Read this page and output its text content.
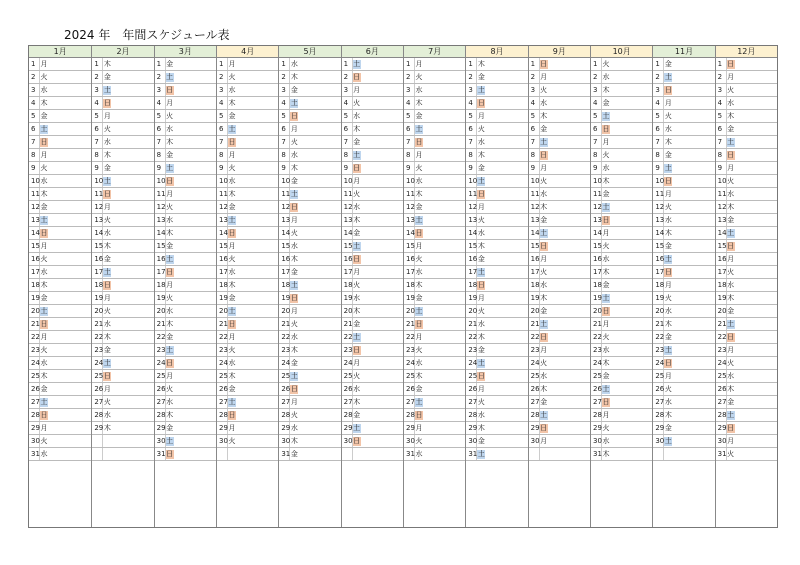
2024 年　年間スケジュール表
1月
1 月
2 火
3 水
4 木
5 金
6 土
7 日
8 月
9 火
10 水
11 木
12 金
13 土
14 日
15 月
16 火
17 水
18 木
19 金
20 土
21 日
22 月
23 火
24 水
25 木
26 金
27 土
28 日
29 月
30 火
31 水
2月
1 木
2 金
3 土
4 日
5 月
6 火
7 水
8 木
9 金
10 土
11 日
12 月
13 火
14 水
15 木
16 金
17 土
18 日
19 月
20 火
21 水
22 木
23 金
24 土
25 日
26 月
27 火
28 水
29 木
3月
1 金
2 土
3 日
4 月
5 火
6 水
7 木
8 金
9 土
10 日
11 月
12 火
13 水
14 木
15 金
16 土
17 日
18 月
19 火
20 水
21 木
22 金
23 土
24 日
25 月
26 火
27 水
28 木
29 金
30 土
31 日
4月
1 月
2 火
3 水
4 木
5 金
6 土
7 日
8 月
9 火
10 水
11 木
12 金
13 土
14 日
15 月
16 火
17 水
18 木
19 金
20 土
21 日
22 月
23 火
24 水
25 木
26 金
27 土
28 日
29 月
30 火
5月
1 水
2 木
3 金
4 土
5 日
6 月
7 火
8 水
9 木
10 金
11 土
12 日
13 月
14 火
15 水
16 木
17 金
18 土
19 日
20 月
21 火
22 水
23 木
24 金
25 土
26 日
27 月
28 火
29 水
30 木
31 金
6月
1 土
2 日
3 月
4 火
5 水
6 木
7 金
8 土
9 日
10 月
11 火
12 水
13 木
14 金
15 土
16 日
17 月
18 火
19 水
20 木
21 金
22 土
23 日
24 月
25 火
26 水
27 木
28 金
29 土
30 日
7月
1 月
2 火
3 水
4 木
5 金
6 土
7 日
8 月
9 火
10 水
11 木
12 金
13 土
14 日
15 月
16 火
17 水
18 木
19 金
20 土
21 日
22 月
23 火
24 水
25 木
26 金
27 土
28 日
29 月
30 火
31 水
8月
1 木
2 金
3 土
4 日
5 月
6 火
7 水
8 木
9 金
10 土
11 日
12 月
13 火
14 水
15 木
16 金
17 土
18 日
19 月
20 火
21 水
22 木
23 金
24 土
25 日
26 月
27 火
28 水
29 木
30 金
31 土
9月
1 日
2 月
3 火
4 水
5 木
6 金
7 土
8 日
9 月
10 火
11 水
12 木
13 金
14 土
15 日
16 月
17 火
18 水
19 木
20 金
21 土
22 日
23 月
24 火
25 水
26 木
27 金
28 土
29 日
30 月
10月
1 火
2 水
3 木
4 金
5 土
6 日
7 月
8 火
9 水
10 木
11 金
12 土
13 日
14 月
15 火
16 水
17 木
18 金
19 土
20 日
21 月
22 火
23 水
24 木
25 金
26 土
27 日
28 月
29 火
30 水
31 木
11月
1 金
2 土
3 日
4 月
5 火
6 水
7 木
8 金
9 土
10 日
11 月
12 火
13 水
14 木
15 金
16 土
17 日
18 月
19 火
20 水
21 木
22 金
23 土
24 日
25 月
26 火
27 水
28 木
29 金
30 土
12月
1 日
2 月
3 火
4 水
5 木
6 金
7 土
8 日
9 月
10 火
11 水
12 木
13 金
14 土
15 日
16 月
17 火
18 水
19 木
20 金
21 土
22 日
23 月
24 火
25 水
26 木
27 金
28 土
29 日
30 月
31 火
